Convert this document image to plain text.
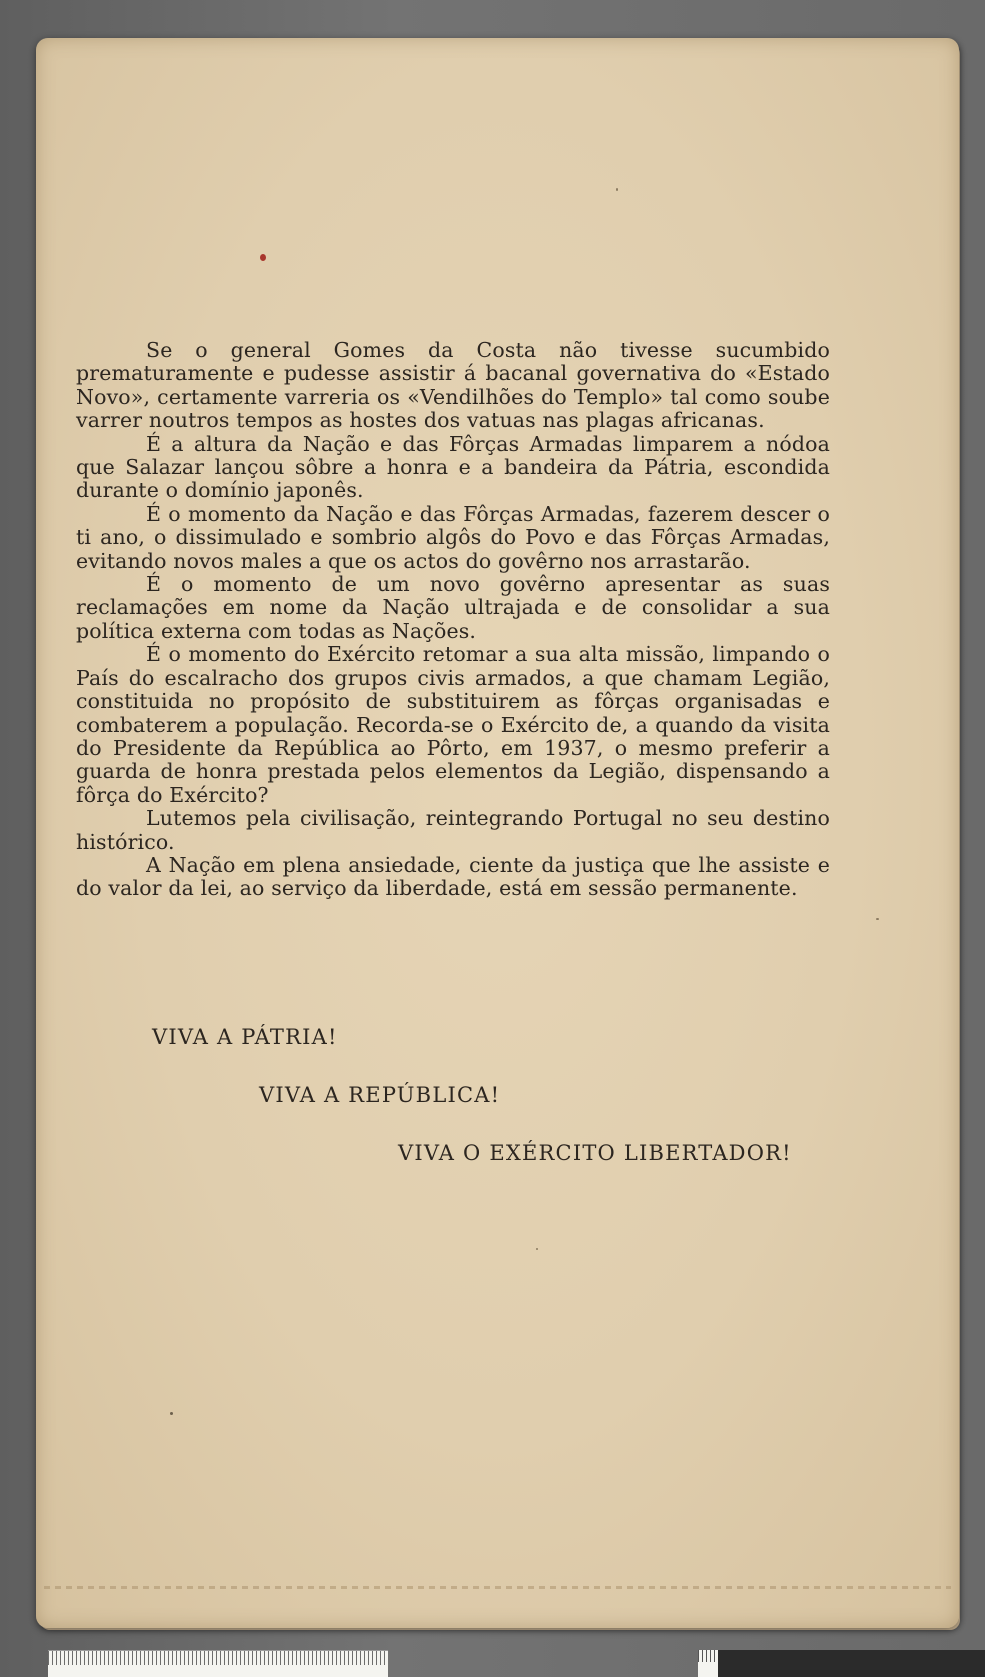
Se o general Gomes da Costa não tivesse sucumbido prematuramente e pudesse assistir á bacanal governativa do «Estado Novo», certamente varreria os «Vendilhões do Templo» tal como soube varrer noutros tempos as hostes dos vatuas nas plagas africanas.

É a altura da Nação e das Fôrças Armadas limparem a nódoa que Salazar lançou sôbre a honra e a bandeira da Pátria, escondida durante o domínio japonês.

É o momento da Nação e das Fôrças Armadas, fazerem descer o ti ano, o dissimulado e sombrio algôs do Povo e das Fôrças Armadas, evitando novos males a que os actos do govêrno nos arrastarão.

É o momento de um novo govêrno apresentar as suas reclamações em nome da Nação ultrajada e de consolidar a sua política externa com todas as Nações.

É o momento do Exército retomar a sua alta missão, limpando o País do escalracho dos grupos civis armados, a que chamam Legião, constituida no propósito de substituirem as fôrças organisadas e combaterem a população. Recorda-se o Exército de, a quando da visita do Presidente da República ao Pôrto, em 1937, o mesmo preferir a guarda de honra prestada pelos elementos da Legião, dispensando a fôrça do Exército?

Lutemos pela civilisação, reintegrando Portugal no seu destino histórico.

A Nação em plena ansiedade, ciente da justiça que lhe assiste e do valor da lei, ao serviço da liberdade, está em sessão permanente.

VIVA A PÁTRIA!
VIVA A REPÚBLICA!
VIVA O EXÉRCITO LIBERTADOR!
